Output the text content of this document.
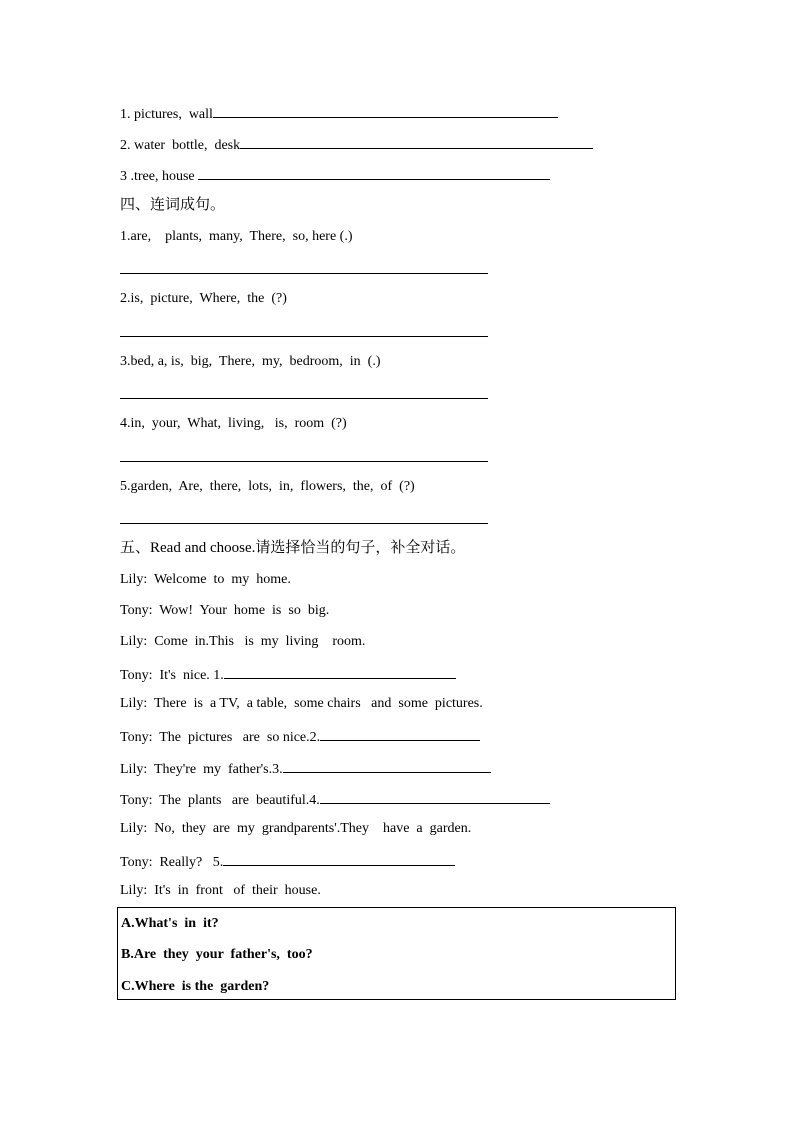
1. pictures,  wall
2. water  bottle,  desk
3 .tree, house
四、连词成句。
1.are,    plants,  many,  There,  so, here (.)
2.is,  picture,  Where,  the  (?)
3.bed, a, is,  big,  There,  my,  bedroom,  in  (.)
4.in,  your,  What,  living,   is,  room  (?)
5.garden,  Are,  there,  lots,  in,  flowers,  the,  of  (?)
五、Read and choose.请选择恰当的句子，补全对话。
Lily:  Welcome  to  my  home.
Tony:  Wow!  Your  home  is  so  big.
Lily:  Come  in.This   is  my  living    room.
Tony:  It's  nice. 1.
Lily:  There  is  a TV,  a table,  some chairs   and  some  pictures.
Tony:  The  pictures   are  so nice.2.
Lily:  They're  my  father's.3.
Tony:  The  plants   are  beautiful.4.
Lily:  No,  they  are  my  grandparents'.They    have  a  garden.
Tony:  Really?   5.
Lily:  It's  in  front   of  their  house.
A.What's  in  it?
B.Are  they  your  father's,  too?
C.Where  is the  garden?
